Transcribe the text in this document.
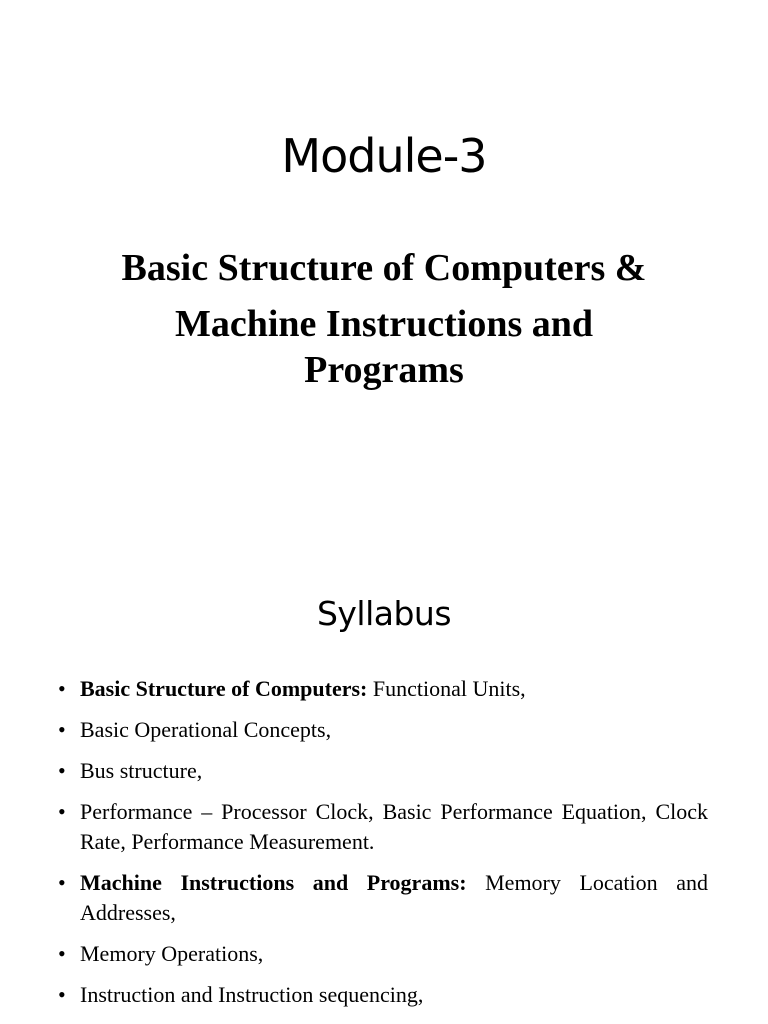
Module-3
Basic Structure of Computers &
Machine Instructions and
Programs
Syllabus
• Basic Structure of Computers: Functional Units,
• Basic Operational Concepts,
• Bus structure,
• Performance – Processor Clock, Basic Performance Equation, Clock Rate, Performance Measurement.
• Machine Instructions and Programs: Memory Location and Addresses,
• Memory Operations,
• Instruction and Instruction sequencing,
